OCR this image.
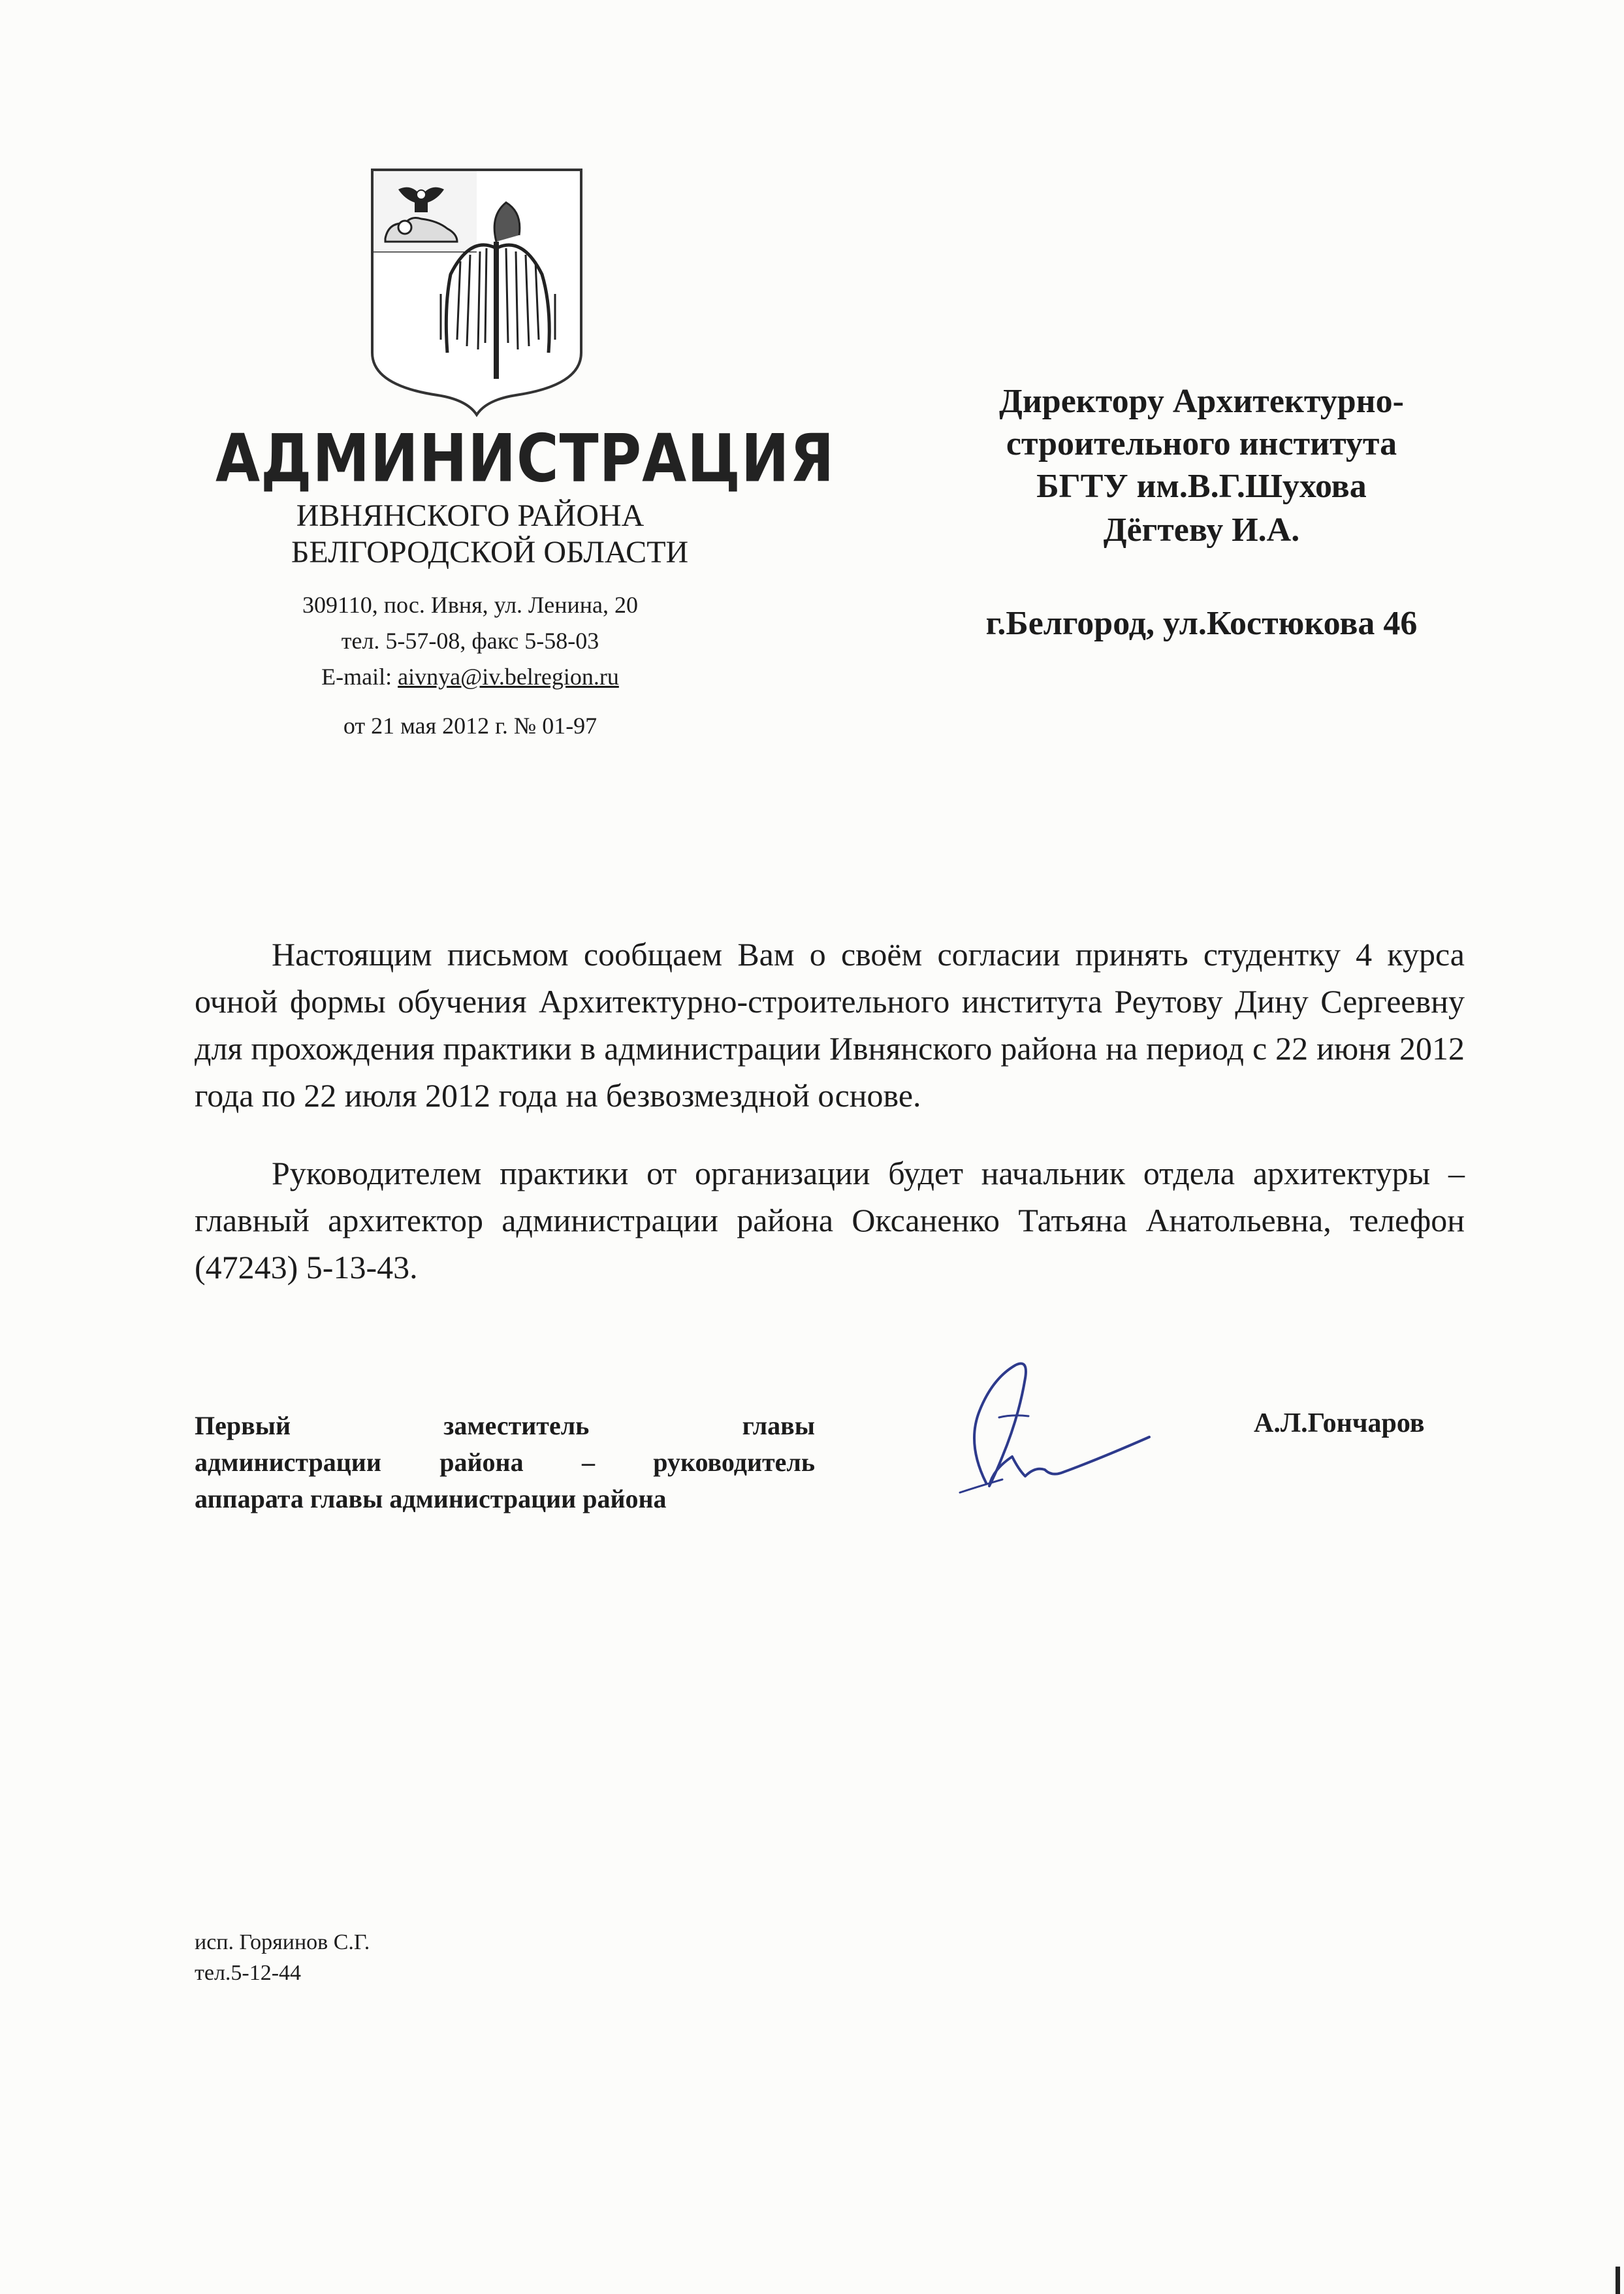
АДМИНИСТРАЦИЯ
ИВНЯНСКОГО РАЙОНА
БЕЛГОРОДСКОЙ ОБЛАСТИ
309110, пос. Ивня, ул. Ленина, 20
тел. 5-57-08, факс 5-58-03
E-mail: aivnya@iv.belregion.ru
от 21 мая 2012 г. № 01-97
Директору Архитектурно-
строительного института
БГТУ им.В.Г.Шухова
Дёгтеву И.А.
г.Белгород, ул.Костюкова 46

Настоящим письмом сообщаем Вам о своём согласии принять студентку 4 курса очной формы обучения Архитектурно-строительного института Реутову Дину Сергеевну для прохождения практики в администрации Ивнянского района на период с 22 июня 2012 года по 22 июля 2012 года на безвозмездной основе.

Руководителем практики от организации будет начальник отдела архитектуры – главный архитектор администрации района Оксаненко Татьяна Анатольевна, телефон (47243) 5-13-43.

Первый заместитель главы
администрации района – руководитель
аппарата главы администрации района
А.Л.Гончаров
исп. Горяинов С.Г.
тел.5-12-44
